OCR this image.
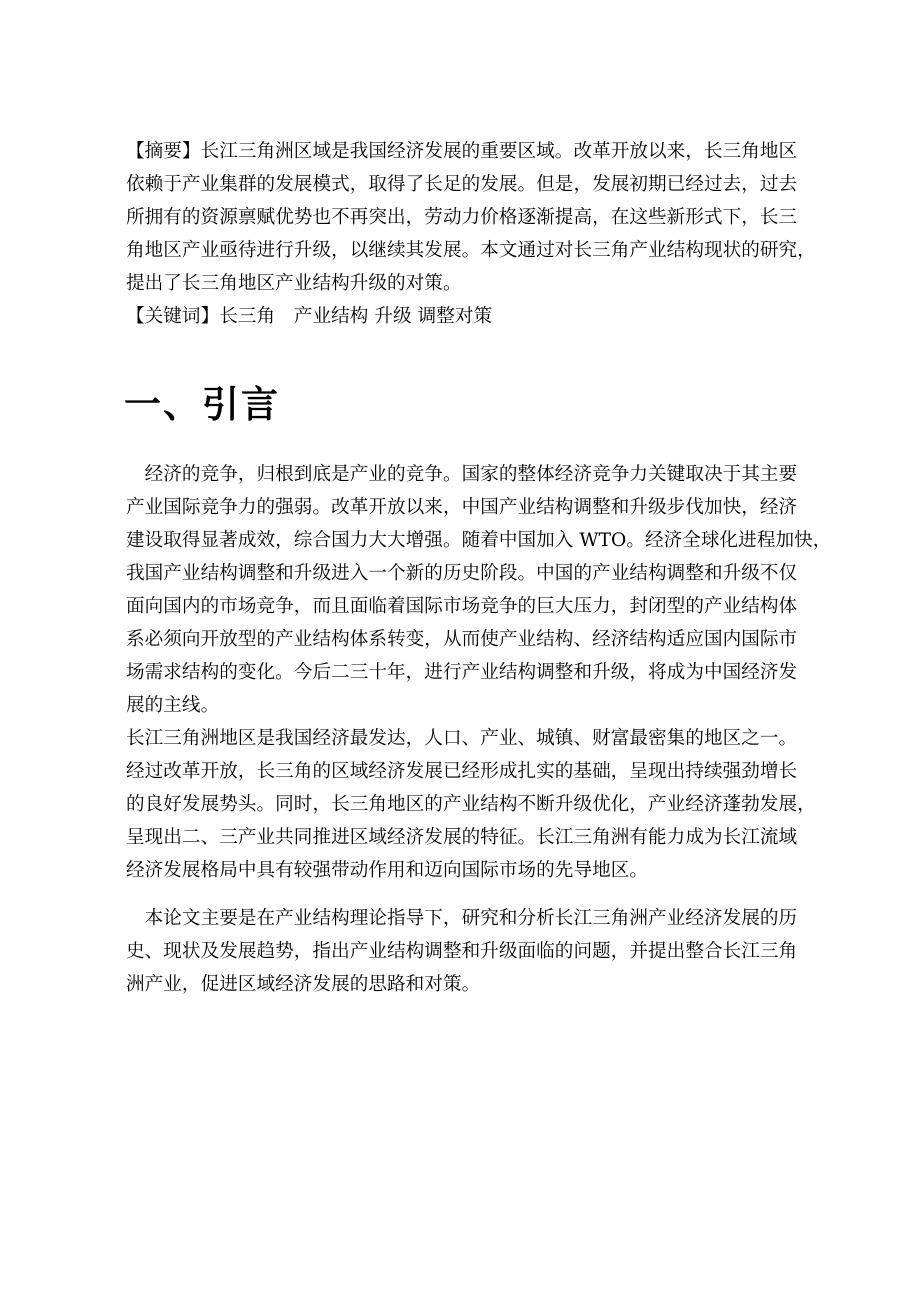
【摘要】长江三角洲区域是我国经济发展的重要区域。改革开放以来，长三角地区
依赖于产业集群的发展模式，取得了长足的发展。但是，发展初期已经过去，过去
所拥有的资源禀赋优势也不再突出，劳动力价格逐渐提高，在这些新形式下，长三
角地区产业亟待进行升级，以继续其发展。本文通过对长三角产业结构现状的研究，
提出了长三角地区产业结构升级的对策。
【关键词】长三角　产业结构 升级 调整对策
一、引言
　经济的竞争，归根到底是产业的竞争。国家的整体经济竞争力关键取决于其主要
产业国际竞争力的强弱。改革开放以来，中国产业结构调整和升级步伐加快，经济
建设取得显著成效，综合国力大大增强。随着中国加入 WTO。经济全球化进程加快，
我国产业结构调整和升级进入一个新的历史阶段。中国的产业结构调整和升级不仅
面向国内的市场竞争，而且面临着国际市场竞争的巨大压力，封闭型的产业结构体
系必须向开放型的产业结构体系转变，从而使产业结构、经济结构适应国内国际市
场需求结构的变化。今后二三十年，进行产业结构调整和升级，将成为中国经济发
展的主线。
长江三角洲地区是我国经济最发达，人口、产业、城镇、财富最密集的地区之一。
经过改革开放，长三角的区域经济发展已经形成扎实的基础，呈现出持续强劲增长
的良好发展势头。同时，长三角地区的产业结构不断升级优化，产业经济蓬勃发展，
呈现出二、三产业共同推进区域经济发展的特征。长江三角洲有能力成为长江流域
经济发展格局中具有较强带动作用和迈向国际市场的先导地区。
　本论文主要是在产业结构理论指导下，研究和分析长江三角洲产业经济发展的历
史、现状及发展趋势，指出产业结构调整和升级面临的问题，并提出整合长江三角
洲产业，促进区域经济发展的思路和对策。
